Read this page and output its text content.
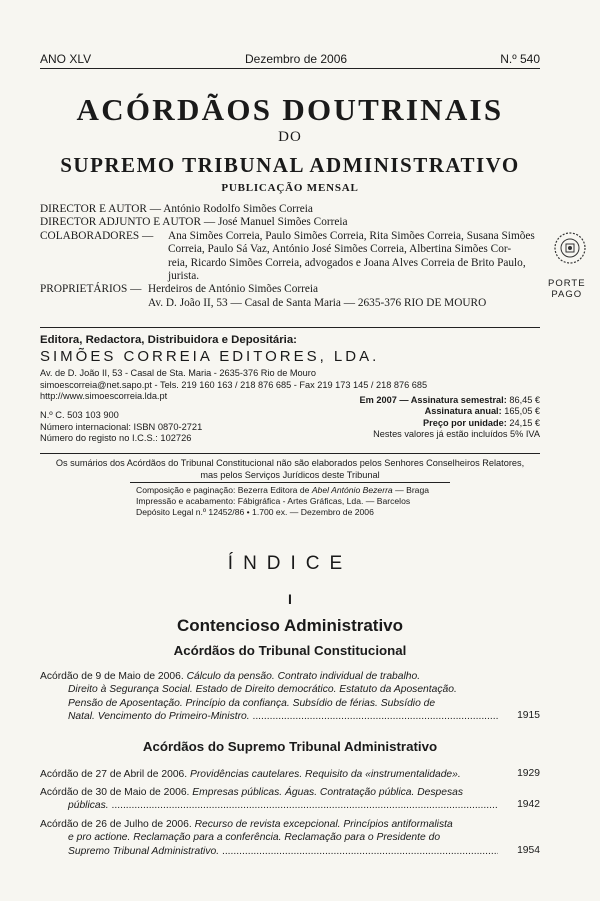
ANO XLV	Dezembro de 2006	N.º 540
ACÓRDÃOS DOUTRINAIS
DO
SUPREMO TRIBUNAL ADMINISTRATIVO
PUBLICAÇÃO MENSAL
DIRECTOR E AUTOR — António Rodolfo Simões Correia
DIRECTOR ADJUNTO E AUTOR — José Manuel Simões Correia
COLABORADORES —	Ana Simões Correia, Paulo Simões Correia, Rita Simões Correia, Susana Simões
Correia, Paulo Sá Vaz, António José Simões Correia, Albertina Simões Cor-
reia, Ricardo Simões Correia, advogados e Joana Alves Correia de Brito Paulo,
jurista.
PROPRIETÁRIOS — Herdeiros de António Simões Correia
Av. D. João II, 53 — Casal de Santa Maria — 2635-376 RIO DE MOURO
PORTE
PAGO
Editora, Redactora, Distribuidora e Depositária:
SIMÕES CORREIA EDITORES, LDA.
Av. de D. João II, 53 - Casal de Sta. Maria - 2635-376 Rio de Mouro
simoescorreia@net.sapo.pt - Tels. 219 160 163 / 218 876 685 - Fax 219 173 145 / 218 876 685
http://www.simoescorreia.lda.pt
N.º C. 503 103 900
Número internacional: ISBN 0870-2721
Número do registo no I.C.S.: 102726
Em 2007 — Assinatura semestral: 86,45 €
Assinatura anual: 165,05 €
Preço por unidade: 24,15 €
Nestes valores já estão incluídos 5% IVA
Os sumários dos Acórdãos do Tribunal Constitucional não são elaborados pelos Senhores Conselheiros Relatores,
mas pelos Serviços Jurídicos deste Tribunal
Composição e paginação: Bezerra Editora de Abel António Bezerra — Braga
Impressão e acabamento: Fábigráfica - Artes Gráficas, Lda. — Barcelos
Depósito Legal n.º 12452/86 • 1.700 ex. — Dezembro de 2006
ÍNDICE
I
Contencioso Administrativo
Acórdãos do Tribunal Constitucional
Acórdão de 9 de Maio de 2006. Cálculo da pensão. Contrato individual de trabalho.
Direito à Segurança Social. Estado de Direito democrático. Estatuto da Aposentação.
Pensão de Aposentação. Princípio da confiança. Subsídio de férias. Subsídio de
Natal. Vencimento do Primeiro-Ministro. .....	1915
Acórdãos do Supremo Tribunal Administrativo
Acórdão de 27 de Abril de 2006. Providências cautelares. Requisito da «instrumentalidade».	1929
Acórdão de 30 de Maio de 2006. Empresas públicas. Águas. Contratação pública. Despesas
públicas. .....	1942
Acórdão de 26 de Julho de 2006. Recurso de revista excepcional. Princípios antiformalista
e pro actione. Reclamação para a conferência. Reclamação para o Presidente do
Supremo Tribunal Administrativo. .....	1954
